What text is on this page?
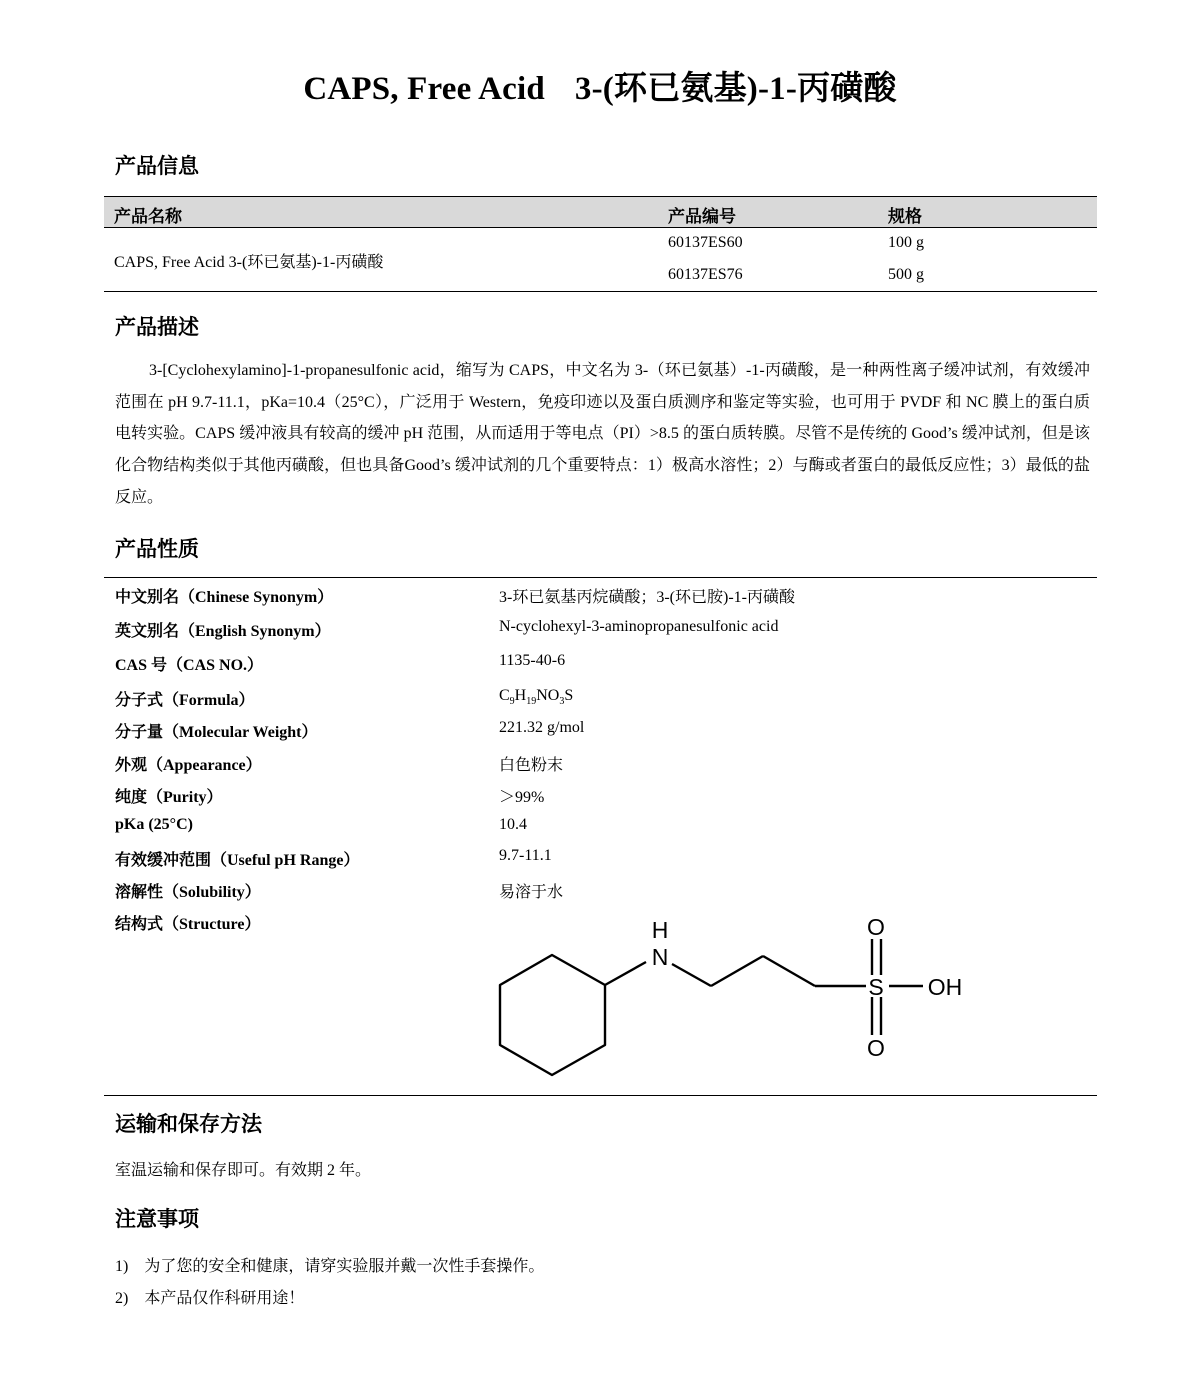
CAPS, Free Acid 3-(环已氨基)-1-丙磺酸
产品信息
产品名称	产品编号	规格
CAPS, Free Acid 3-(环已氨基)-1-丙磺酸
60137ES60	100 g
60137ES76	500 g
产品描述
3-[Cyclohexylamino]-1-propanesulfonic acid，缩写为 CAPS，中文名为 3-（环已氨基）-1-丙磺酸，是一种两性离子缓冲试剂，有效缓冲范围在 pH 9.7-11.1，pKa=10.4（25°C），广泛用于 Western，免疫印迹以及蛋白质测序和鉴定等实验，也可用于 PVDF 和 NC 膜上的蛋白质电转实验。CAPS 缓冲液具有较高的缓冲 pH 范围，从而适用于等电点（PI）>8.5 的蛋白质转膜。尽管不是传统的 Good’s 缓冲试剂，但是该化合物结构类似于其他丙磺酸，但也具备Good’s 缓冲试剂的几个重要特点：1）极高水溶性；2）与酶或者蛋白的最低反应性；3）最低的盐反应。
产品性质
中文别名（Chinese Synonym）	3-环已氨基丙烷磺酸；3-(环已胺)-1-丙磺酸
英文别名（English Synonym）	N-cyclohexyl-3-aminopropanesulfonic acid
CAS 号（CAS NO.）	1135-40-6
分子式（Formula）	$C_9H_{19}NO_3S$
分子量（Molecular Weight）	221.32 g/mol
外观（Appearance）	白色粉末
纯度（Purity）	＞99%
pKa (25°C)	10.4
有效缓冲范围（Useful pH Range）	9.7-11.1
溶解性（Solubility）	易溶于水
结构式（Structure）	H
N
S
O
O
OH
运输和保存方法
室温运输和保存即可。有效期 2 年。
注意事项
1) 为了您的安全和健康，请穿实验服并戴一次性手套操作。
2) 本产品仅作科研用途！
